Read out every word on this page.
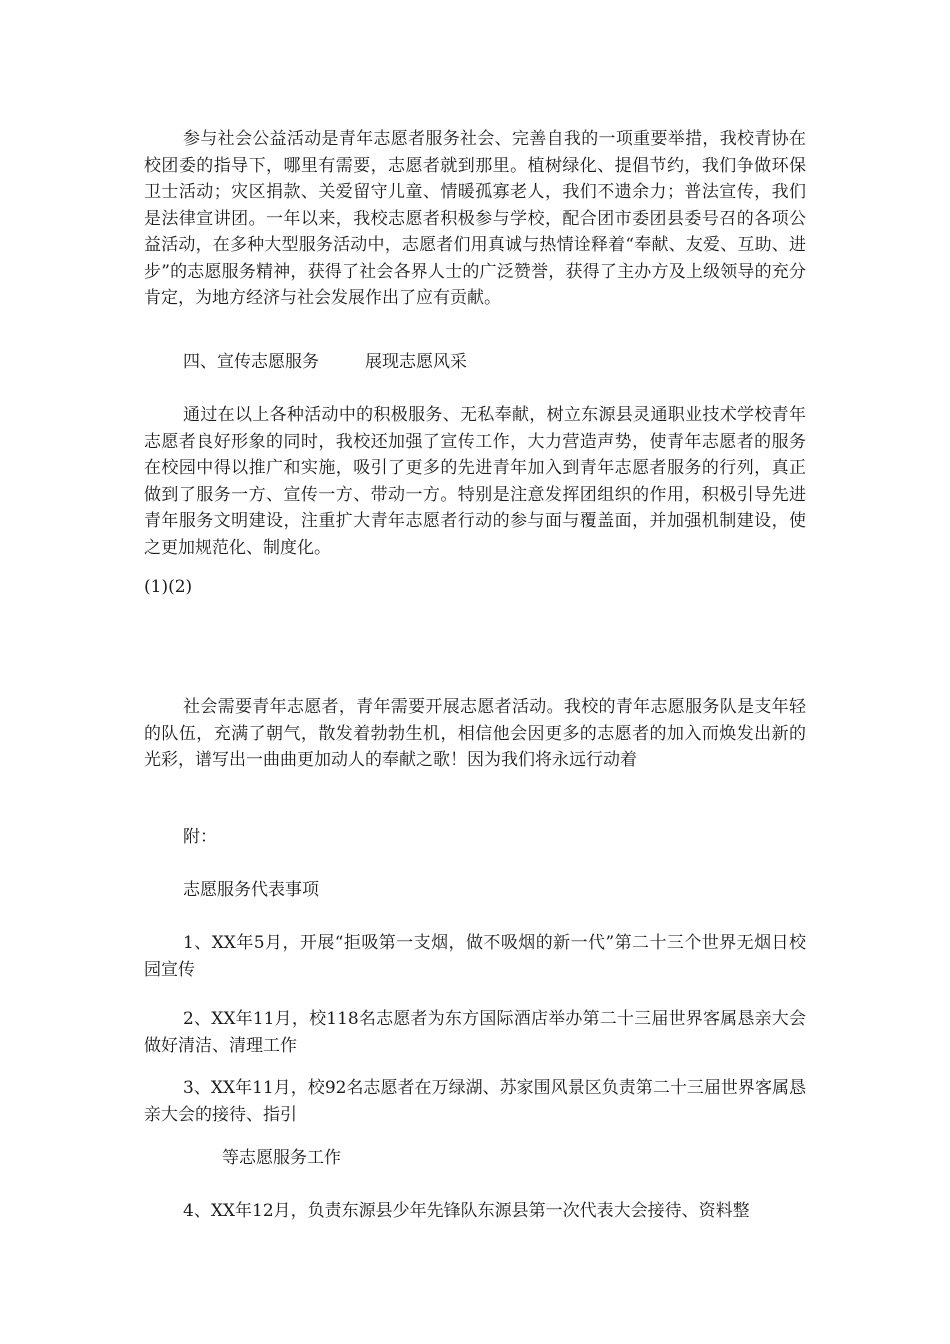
参与社会公益活动是青年志愿者服务社会、完善自我的一项重要举措，我校青协在校团委的指导下，哪里有需要，志愿者就到那里。植树绿化、提倡节约，我们争做环保卫士活动；灾区捐款、关爱留守儿童、情暖孤寡老人，我们不遗余力；普法宣传，我们是法律宣讲团。一年以来，我校志愿者积极参与学校，配合团市委团县委号召的各项公益活动，在多种大型服务活动中，志愿者们用真诚与热情诠释着“奉献、友爱、互助、进步”的志愿服务精神，获得了社会各界人士的广泛赞誉，获得了主办方及上级领导的充分肯定，为地方经济与社会发展作出了应有贡献。

四、宣传志愿服务	展现志愿风采

通过在以上各种活动中的积极服务、无私奉献，树立东源县灵通职业技术学校青年志愿者良好形象的同时，我校还加强了宣传工作，大力营造声势，使青年志愿者的服务在校园中得以推广和实施，吸引了更多的先进青年加入到青年志愿者服务的行列，真正做到了服务一方、宣传一方、带动一方。特别是注意发挥团组织的作用，积极引导先进青年服务文明建设，注重扩大青年志愿者行动的参与面与覆盖面，并加强机制建设，使之更加规范化、制度化。

(1)(2)

社会需要青年志愿者，青年需要开展志愿者活动。我校的青年志愿服务队是支年轻的队伍，充满了朝气，散发着勃勃生机，相信他会因更多的志愿者的加入而焕发出新的光彩，谱写出一曲曲更加动人的奉献之歌！因为我们将永远行动着

附：

志愿服务代表事项

1、XX年5月，开展“拒吸第一支烟，做不吸烟的新一代”第二十三个世界无烟日校园宣传

2、XX年11月，校118名志愿者为东方国际酒店举办第二十三届世界客属恳亲大会做好清洁、清理工作

3、XX年11月，校92名志愿者在万绿湖、苏家围风景区负责第二十三届世界客属恳亲大会的接待、指引

等志愿服务工作

4、XX年12月，负责东源县少年先锋队东源县第一次代表大会接待、资料整
